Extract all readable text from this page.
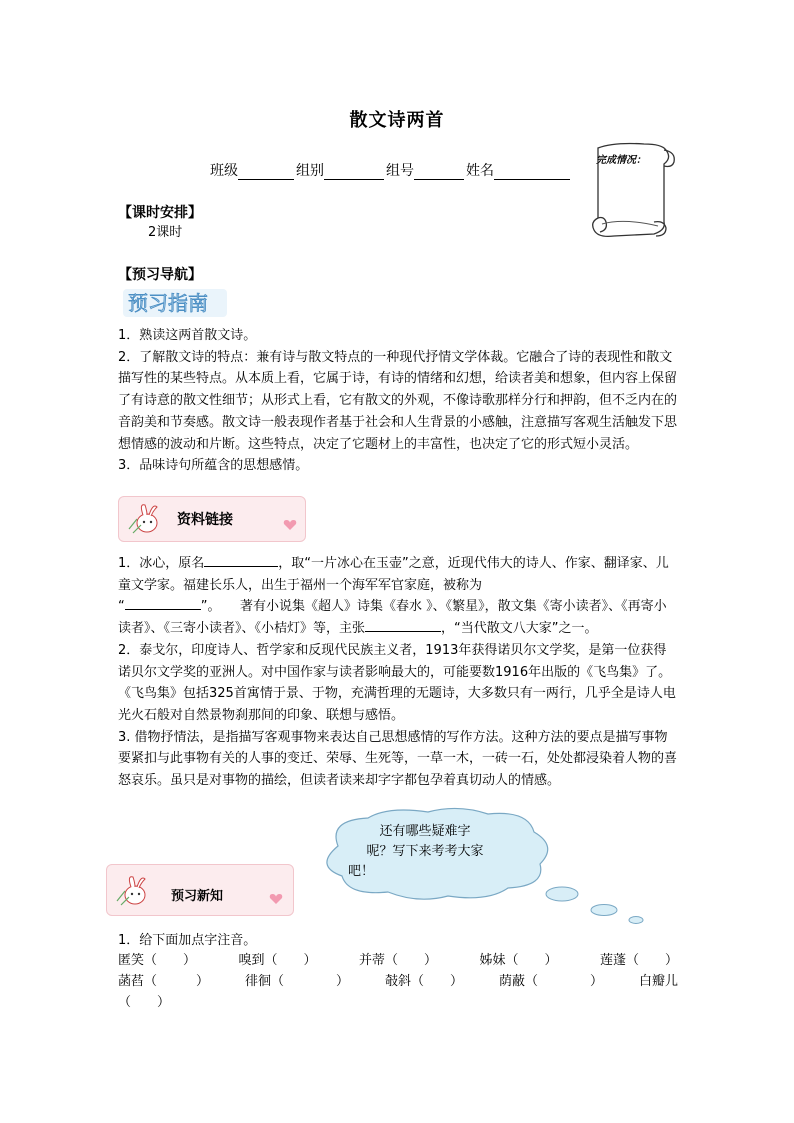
散文诗两首
班级	组别	组号	姓名
完成情况：
【课时安排】
2课时
【预习导航】
预习指南

1．熟读这两首散文诗。

2．了解散文诗的特点：兼有诗与散文特点的一种现代抒情文学体裁。它融合了诗的表现性和散文描写性的某些特点。从本质上看，它属于诗，有诗的情绪和幻想，给读者美和想象，但内容上保留了有诗意的散文性细节；从形式上看，它有散文的外观，不像诗歌那样分行和押韵，但不乏内在的音韵美和节奏感。散文诗一般表现作者基于社会和人生背景的小感触，注意描写客观生活触发下思想情感的波动和片断。这些特点，决定了它题材上的丰富性，也决定了它的形式短小灵活。

3．品味诗句所蕴含的思想感情。

资料链接

1．冰心，原名	，取“一片冰心在玉壶”之意，近现代伟大的诗人、作家、翻译家、儿童文学家。福建长乐人，出生于福州一个海军军官家庭，被称为
“	”。　　著有小说集《超人》诗集《春水 》、《繁星》，散文集《寄小读者》、《再寄小读者》、《三寄小读者》、《小桔灯》等，主张	，“当代散文八大家”之一。

2．泰戈尔，印度诗人、哲学家和反现代民族主义者，1913年获得诺贝尔文学奖，是第一位获得诺贝尔文学奖的亚洲人。对中国作家与读者影响最大的，可能要数1916年出版的《飞鸟集》了。《飞鸟集》包括325首寓情于景、于物，充满哲理的无题诗，大多数只有一两行，几乎全是诗人电光火石般对自然景物刹那间的印象、联想与感悟。

3. 借物抒情法，是指描写客观事物来表达自己思想感情的写作方法。这种方法的要点是描写事物要紧扣与此事物有关的人事的变迁、荣辱、生死等，一草一木，一砖一石，处处都浸染着人物的喜怒哀乐。虽只是对事物的描绘，但读者读来却字字都包孕着真切动人的情感。

还有哪些疑难字
呢？写下来考考大家
吧！
预习新知
1．给下面加点字注音。
匿笑（　　）	嗅到（　　）	并蒂（　　）	姊妹（　　）	莲蓬（　　）
菡萏（　　　）	徘徊（　　　　）	攲斜（　　）	荫蔽（　　　　）	白瓣儿
（　　）
